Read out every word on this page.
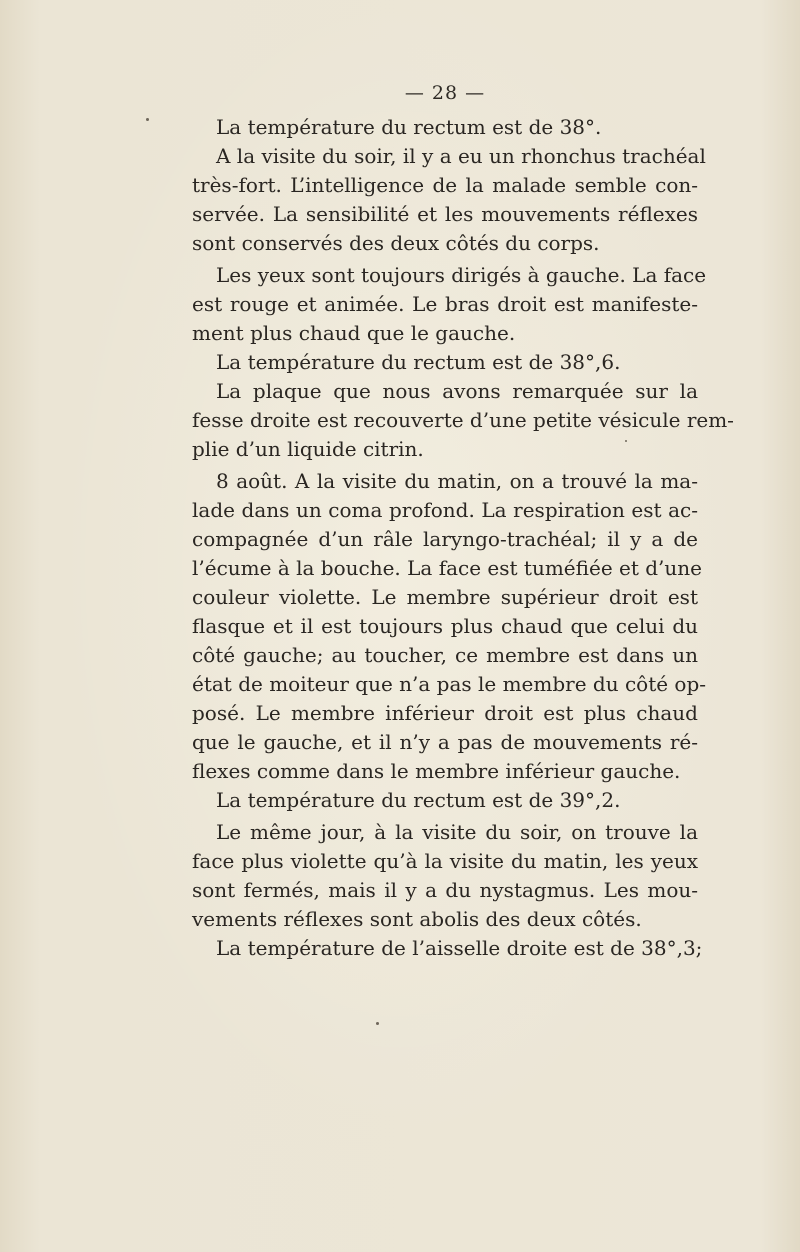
— 28 —
La température du rectum est de 38°.
A la visite du soir, il y a eu un rhonchus trachéal
très-fort. L’intelligence de la malade semble con-
servée. La sensibilité et les mouvements réflexes
sont conservés des deux côtés du corps.
Les yeux sont toujours dirigés à gauche. La face
est rouge et animée. Le bras droit est manifeste-
ment plus chaud que le gauche.
La température du rectum est de 38°,6.
La plaque que nous avons remarquée sur la
fesse droite est recouverte d’une petite vésicule rem-
plie d’un liquide citrin.
8 août. A la visite du matin, on a trouvé la ma-
lade dans un coma profond. La respiration est ac-
compagnée d’un râle laryngo-trachéal; il y a de
l’écume à la bouche. La face est tuméfiée et d’une
couleur violette. Le membre supérieur droit est
flasque et il est toujours plus chaud que celui du
côté gauche; au toucher, ce membre est dans un
état de moiteur que n’a pas le membre du côté op-
posé. Le membre inférieur droit est plus chaud
que le gauche, et il n’y a pas de mouvements ré-
flexes comme dans le membre inférieur gauche.
La température du rectum est de 39°,2.
Le même jour, à la visite du soir, on trouve la
face plus violette qu’à la visite du matin, les yeux
sont fermés, mais il y a du nystagmus. Les mou-
vements réflexes sont abolis des deux côtés.
La température de l’aisselle droite est de 38°,3;
